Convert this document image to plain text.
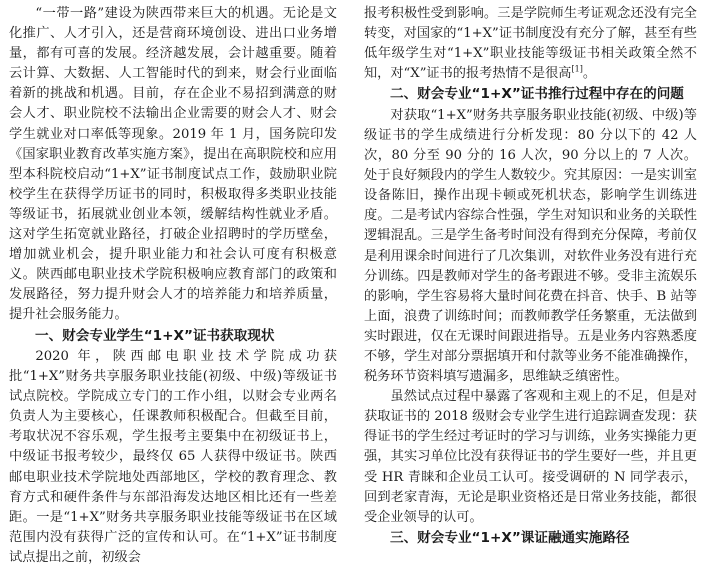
“一带一路”建设为陕西带来巨大的机遇。无论是文化推广、人才引入，还是营商环境创设、进出口业务增量，都有可喜的发展。经济越发展，会计越重要。随着云计算、大数据、人工智能时代的到来，财会行业面临着新的挑战和机遇。目前，存在企业不易招到满意的财会人才、职业院校不法输出企业需要的财会人才、财会学生就业对口率低等现象。2019 年 1 月，国务院印发《国家职业教育改革实施方案》，提出在高职院校和应用型本科院校启动“1+X”证书制度试点工作，鼓励职业院校学生在获得学历证书的同时，积极取得多类职业技能等级证书，拓展就业创业本领，缓解结构性就业矛盾。这对学生拓宽就业路径，打破企业招聘时的学历壁垒，增加就业机会，提升职业能力和社会认可度有积极意义。陕西邮电职业技术学院积极响应教育部门的政策和发展路径，努力提升财会人才的培养能力和培养质量，提升社会服务能力。

一、财会专业学生“1+X”证书获取现状

2020 年，陕西邮电职业技术学院成功获批“1+X”财务共享服务职业技能(初级、中级)等级证书试点院校。学院成立专门的工作小组，以财会专业两名负责人为主要核心，任课教师积极配合。但截至目前，考取状况不容乐观，学生报考主要集中在初级证书上，中级证书报考较少，最终仅 65 人获得中级证书。陕西邮电职业技术学院地处西部地区，学校的教育理念、教育方式和硬件条件与东部沿海发达地区相比还有一些差距。一是“1+X”财务共享服务职业技能等级证书在区域范围内没有获得广泛的宣传和认可。在“1+X”证书制度试点提出之前，初级会

报考积极性受到影响。三是学院师生考证观念还没有完全转变，对国家的“1+X”证书制度没有充分了解，甚至有些低年级学生对“1+X”职业技能等级证书相关政策全然不知，对“X”证书的报考热情不是很高[1]。

二、财会专业“1+X”证书推行过程中存在的问题

对获取“1+X”财务共享服务职业技能(初级、中级)等级证书的学生成绩进行分析发现：80 分以下的 42 人次，80 分至 90 分的 16 人次，90 分以上的 7 人次。处于良好频段内的学生人数较少。究其原因：一是实训室设备陈旧，操作出现卡顿或死机状态，影响学生训练进度。二是考试内容综合性强，学生对知识和业务的关联性逻辑混乱。三是学生备考时间没有得到充分保障，考前仅是利用课余时间进行了几次集训，对软件业务没有进行充分训练。四是教师对学生的备考跟进不够。受非主流娱乐的影响，学生容易将大量时间花费在抖音、快手、B 站等上面，浪费了训练时间；而教师教学任务繁重，无法做到实时跟进，仅在无课时间跟进指导。五是业务内容熟悉度不够，学生对部分票据填开和付款等业务不能准确操作，税务环节资料填写遗漏多，思维缺乏缜密性。

虽然试点过程中暴露了客观和主观上的不足，但是对获取证书的 2018 级财会专业学生进行追踪调查发现：获得证书的学生经过考证时的学习与训练，业务实操能力更强，其实习单位比没有获得证书的学生要好一些，并且更受 HR 青睐和企业员工认可。接受调研的 N 同学表示，回到老家青海，无论是职业资格还是日常业务技能，都很受企业领导的认可。

三、财会专业“1+X”课证融通实施路径
